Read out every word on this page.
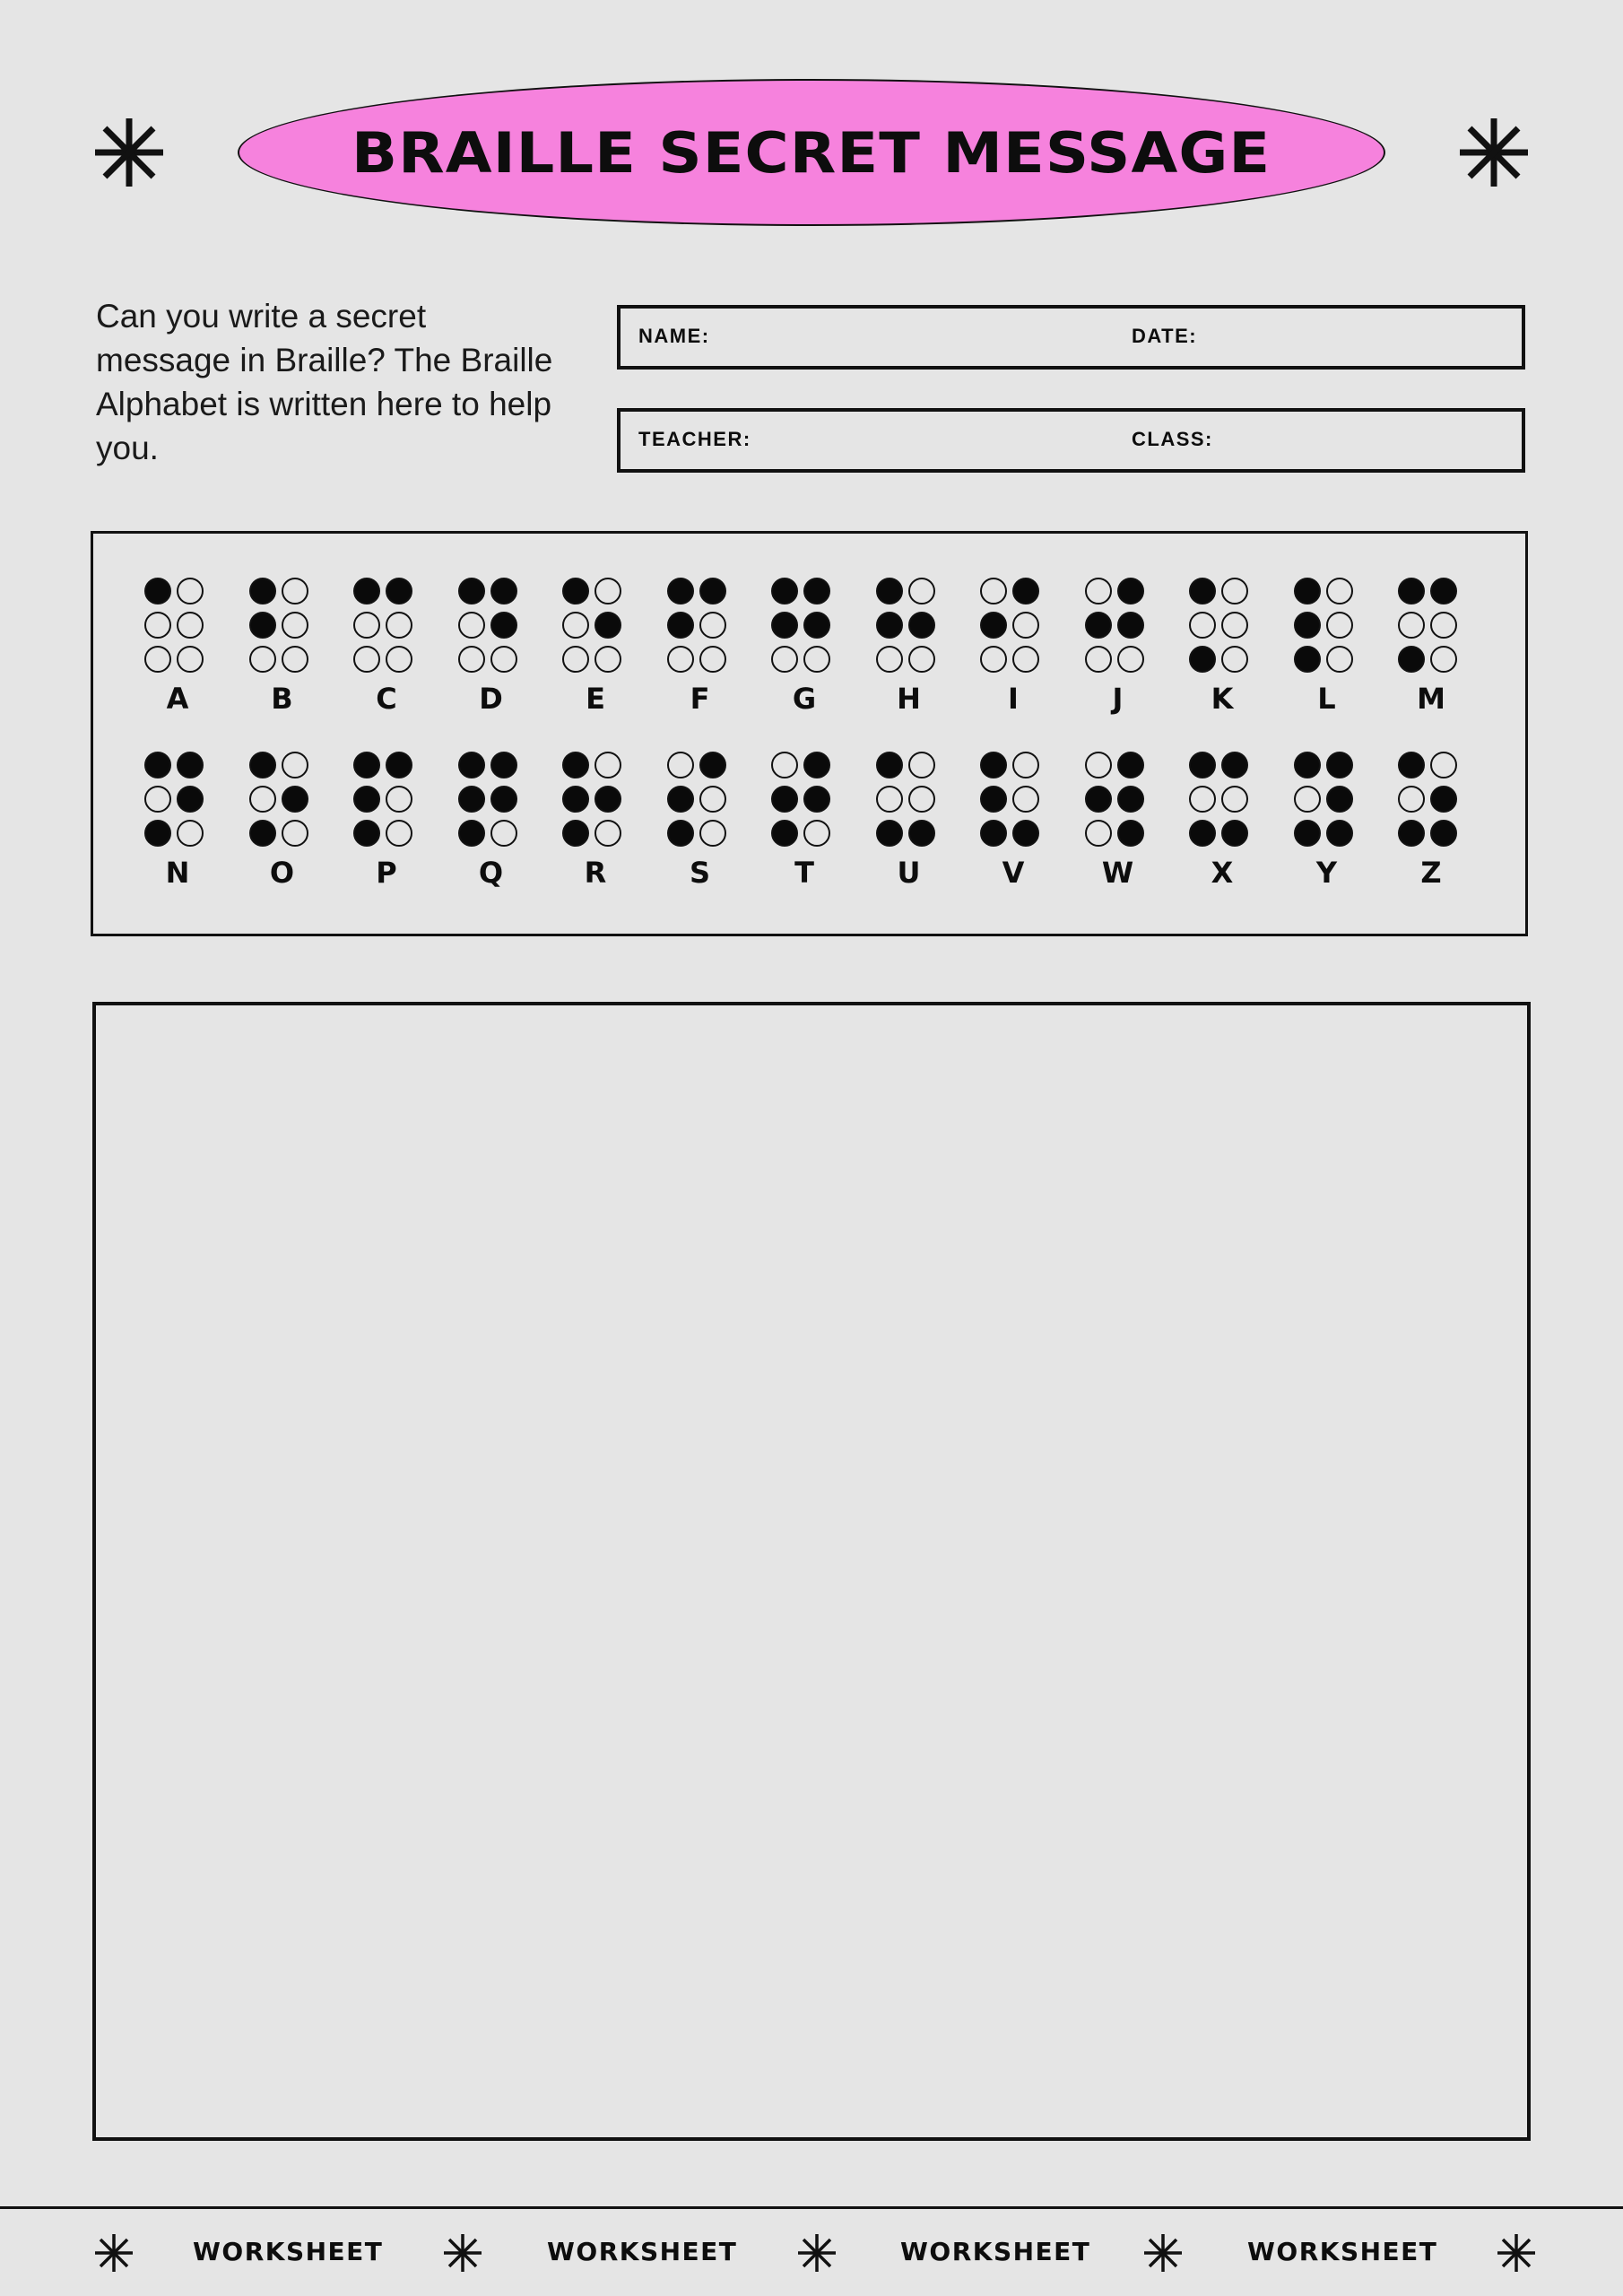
BRAILLE SECRET MESSAGE
Can you write a secret message in Braille? The Braille Alphabet is written here to help you.
NAME:	DATE:
TEACHER:	CLASS:
A	B	C	D	E	F	G	H	I	J	K	L	M
N	O	P	Q	R	S	T	U	V	W	X	Y	Z
WORKSHEET	WORKSHEET	WORKSHEET	WORKSHEET
